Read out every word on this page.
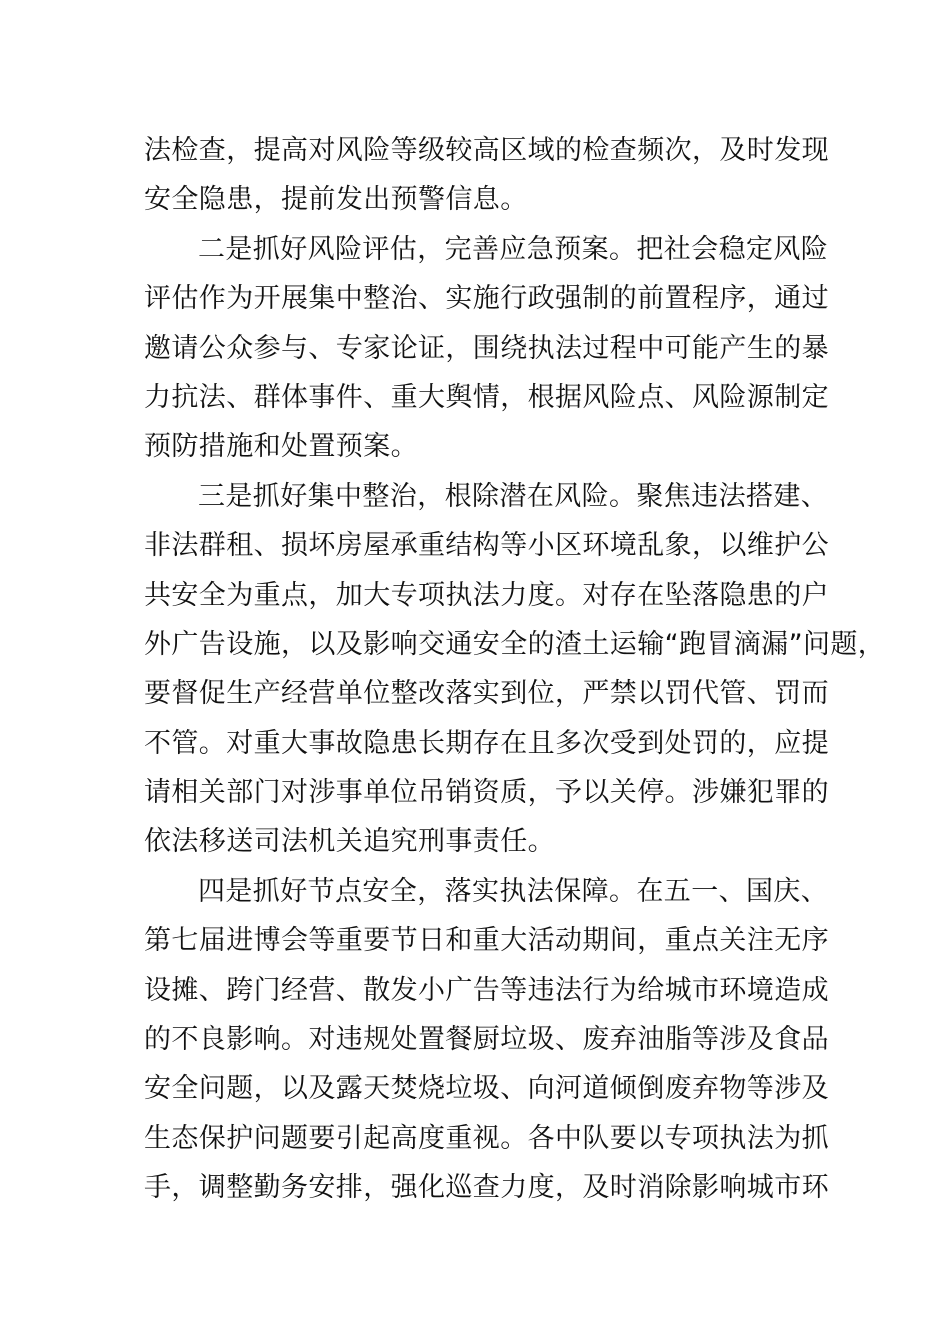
法检查，提高对风险等级较高区域的检查频次，及时发现
安全隐患，提前发出预警信息。
二是抓好风险评估，完善应急预案。把社会稳定风险
评估作为开展集中整治、实施行政强制的前置程序，通过
邀请公众参与、专家论证，围绕执法过程中可能产生的暴
力抗法、群体事件、重大舆情，根据风险点、风险源制定
预防措施和处置预案。
三是抓好集中整治，根除潜在风险。聚焦违法搭建、
非法群租、损坏房屋承重结构等小区环境乱象，以维护公
共安全为重点，加大专项执法力度。对存在坠落隐患的户
外广告设施，以及影响交通安全的渣土运输“跑冒滴漏”问题，
要督促生产经营单位整改落实到位，严禁以罚代管、罚而
不管。对重大事故隐患长期存在且多次受到处罚的，应提
请相关部门对涉事单位吊销资质，予以关停。涉嫌犯罪的
依法移送司法机关追究刑事责任。
四是抓好节点安全，落实执法保障。在五一、国庆、
第七届进博会等重要节日和重大活动期间，重点关注无序
设摊、跨门经营、散发小广告等违法行为给城市环境造成
的不良影响。对违规处置餐厨垃圾、废弃油脂等涉及食品
安全问题，以及露天焚烧垃圾、向河道倾倒废弃物等涉及
生态保护问题要引起高度重视。各中队要以专项执法为抓
手，调整勤务安排，强化巡查力度，及时消除影响城市环
